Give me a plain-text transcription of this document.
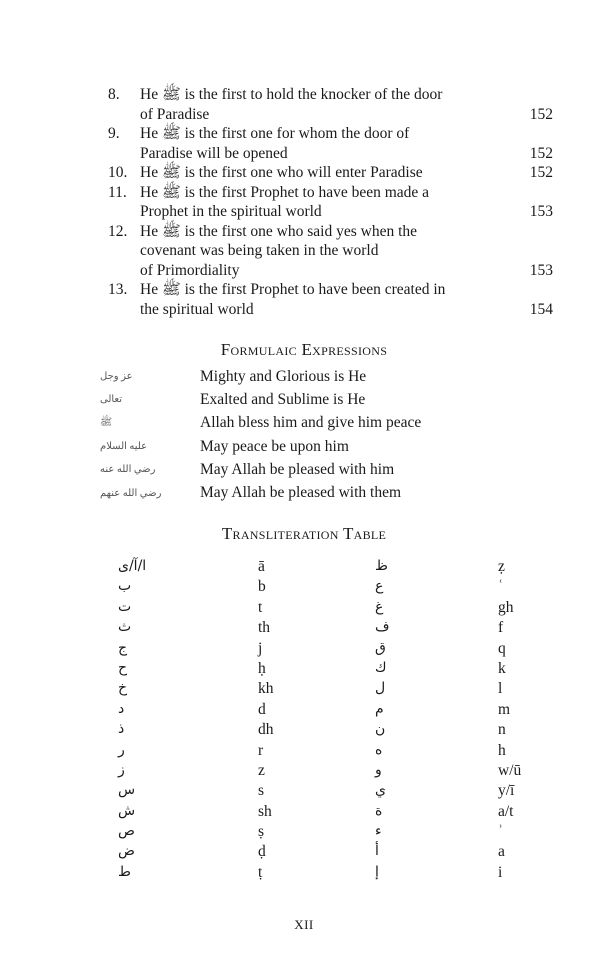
8.	He ﷺ is the first to hold the knocker of the door
of Paradise	152
9.	He ﷺ is the first one for whom the door of
Paradise will be opened	152
10. He ﷺ is the first one who will enter Paradise	152
11. He ﷺ is the first Prophet to have been made a
Prophet in the spiritual world	153
12. He ﷺ is the first one who said yes when the
covenant was being taken in the world
of Primordiality	153
13. He ﷺ is the first Prophet to have been created in
the spiritual world	154
Formulaic Expressions
عز وجل	Mighty and Glorious is He
تعالى	Exalted and Sublime is He
ﷺ	Allah bless him and give him peace
عليه السلام	May peace be upon him
رضي الله عنه	May Allah be pleased with him
رضي الله عنهم	May Allah be pleased with them
Transliteration Table
ا/آ/ى	ā	ظ	ẓ
ب	b	ع	ʿ
ت	t	غ	gh
ث	th	ف	f
ج	j	ق	q
ح	ḥ	ك	k
خ	kh	ل	l
د	d	م	m
ذ	dh	ن	n
ر	r	ه	h
ز	z	و	w/ū
س	s	ي	y/ī
ش	sh	ة	a/t
ص	ṣ	ء	ʾ
ض	ḍ	أ	a
ط	ṭ	إ	i
XII
